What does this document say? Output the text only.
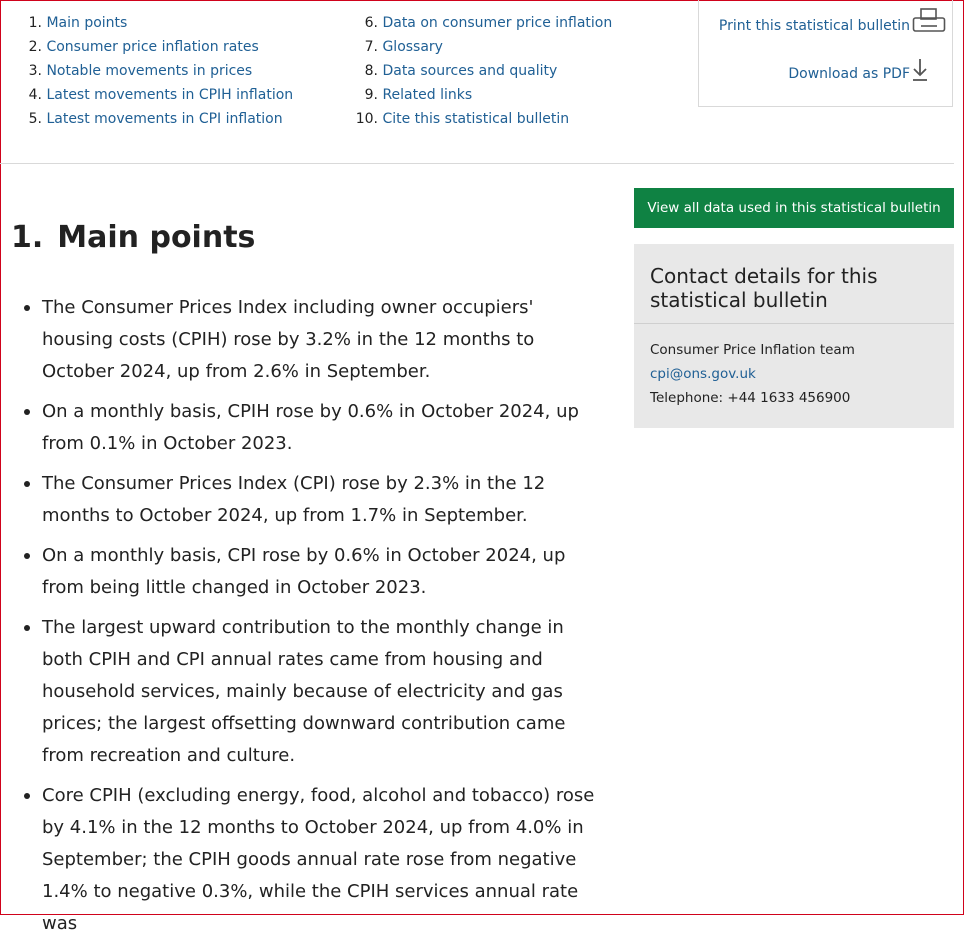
1. Main points
2. Consumer price inflation rates
3. Notable movements in prices
4. Latest movements in CPIH inflation
5. Latest movements in CPI inflation
6. Data on consumer price inflation
7. Glossary
8. Data sources and quality
9. Related links
10. Cite this statistical bulletin
Print this statistical bulletin
Download as PDF
1. Main points
The Consumer Prices Index including owner occupiers' housing costs (CPIH) rose by 3.2% in the 12 months to October 2024, up from 2.6% in September.
On a monthly basis, CPIH rose by 0.6% in October 2024, up from 0.1% in October 2023.
The Consumer Prices Index (CPI) rose by 2.3% in the 12 months to October 2024, up from 1.7% in September.
On a monthly basis, CPI rose by 0.6% in October 2024, up from being little changed in October 2023.
The largest upward contribution to the monthly change in both CPIH and CPI annual rates came from housing and household services, mainly because of electricity and gas prices; the largest offsetting downward contribution came from recreation and culture.
Core CPIH (excluding energy, food, alcohol and tobacco) rose by 4.1% in the 12 months to October 2024, up from 4.0% in September; the CPIH goods annual rate rose from negative 1.4% to negative 0.3%, while the CPIH services annual rate was
View all data used in this statistical bulletin
Contact details for this statistical bulletin
Consumer Price Inflation team
cpi@ons.gov.uk
Telephone: +44 1633 456900
